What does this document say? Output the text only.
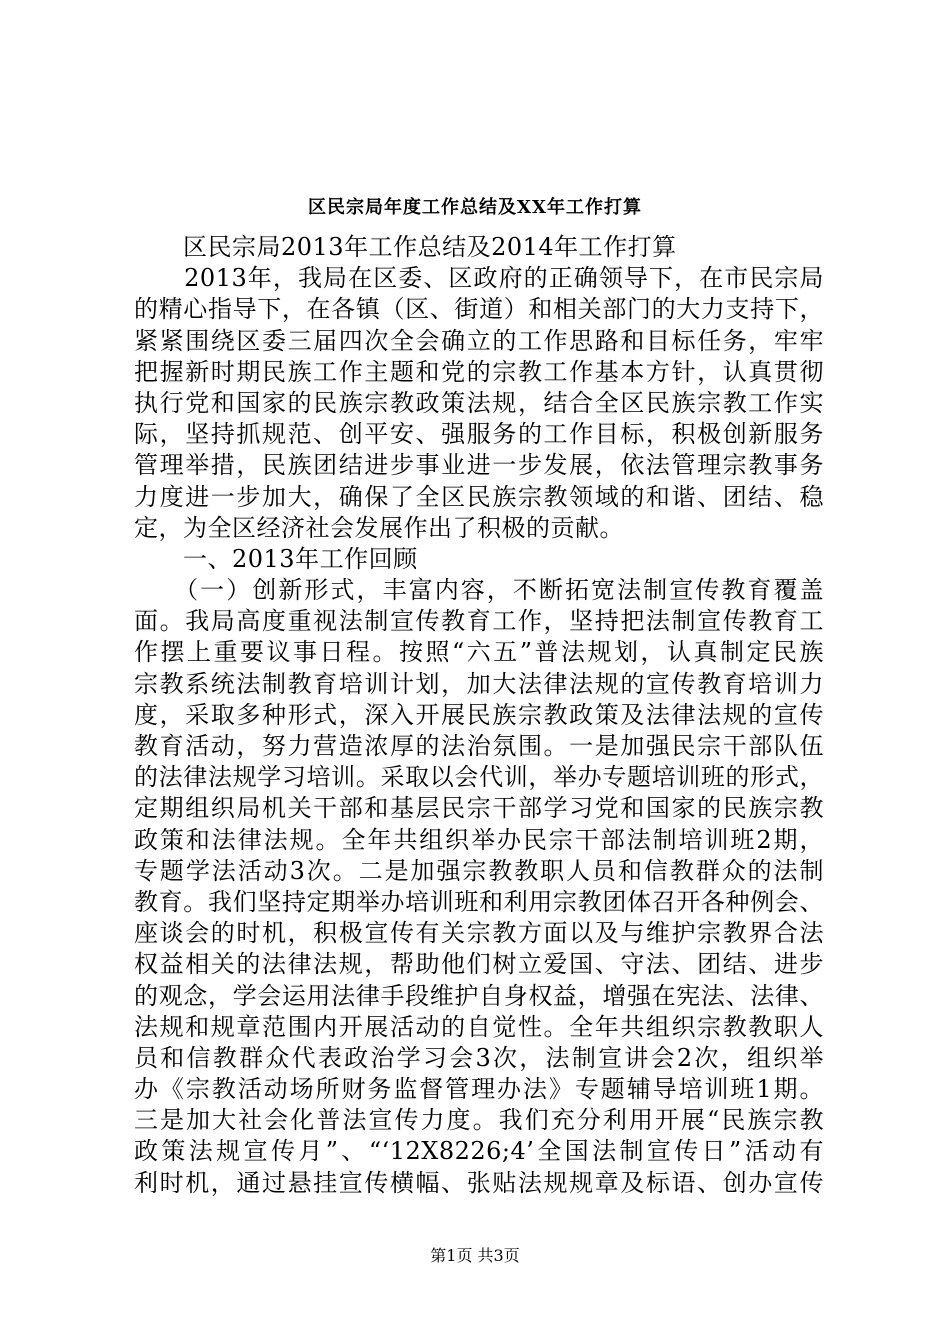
区民宗局年度工作总结及XX年工作打算
　　区民宗局2013年工作总结及2014年工作打算
　　2013年，我局在区委、区政府的正确领导下，在市民宗局
的精心指导下，在各镇（区、街道）和相关部门的大力支持下，
紧紧围绕区委三届四次全会确立的工作思路和目标任务，牢牢
把握新时期民族工作主题和党的宗教工作基本方针，认真贯彻
执行党和国家的民族宗教政策法规，结合全区民族宗教工作实
际，坚持抓规范、创平安、强服务的工作目标，积极创新服务
管理举措，民族团结进步事业进一步发展，依法管理宗教事务
力度进一步加大，确保了全区民族宗教领域的和谐、团结、稳
定，为全区经济社会发展作出了积极的贡献。
　　一、2013年工作回顾
　　（一）创新形式，丰富内容，不断拓宽法制宣传教育覆盖
面。我局高度重视法制宣传教育工作，坚持把法制宣传教育工
作摆上重要议事日程。按照“六五”普法规划，认真制定民族
宗教系统法制教育培训计划，加大法律法规的宣传教育培训力
度，采取多种形式，深入开展民族宗教政策及法律法规的宣传
教育活动，努力营造浓厚的法治氛围。一是加强民宗干部队伍
的法律法规学习培训。采取以会代训，举办专题培训班的形式，
定期组织局机关干部和基层民宗干部学习党和国家的民族宗教
政策和法律法规。全年共组织举办民宗干部法制培训班2期，
专题学法活动3次。二是加强宗教教职人员和信教群众的法制
教育。我们坚持定期举办培训班和利用宗教团体召开各种例会、
座谈会的时机，积极宣传有关宗教方面以及与维护宗教界合法
权益相关的法律法规，帮助他们树立爱国、守法、团结、进步
的观念，学会运用法律手段维护自身权益，增强在宪法、法律、
法规和规章范围内开展活动的自觉性。全年共组织宗教教职人
员和信教群众代表政治学习会3次，法制宣讲会2次，组织举
办《宗教活动场所财务监督管理办法》专题辅导培训班1期。
三是加大社会化普法宣传力度。我们充分利用开展“民族宗教
政策法规宣传月”、“‘12X8226;4’全国法制宣传日”活动有
利时机，通过悬挂宣传横幅、张贴法规规章及标语、创办宣传
第1页 共3页
